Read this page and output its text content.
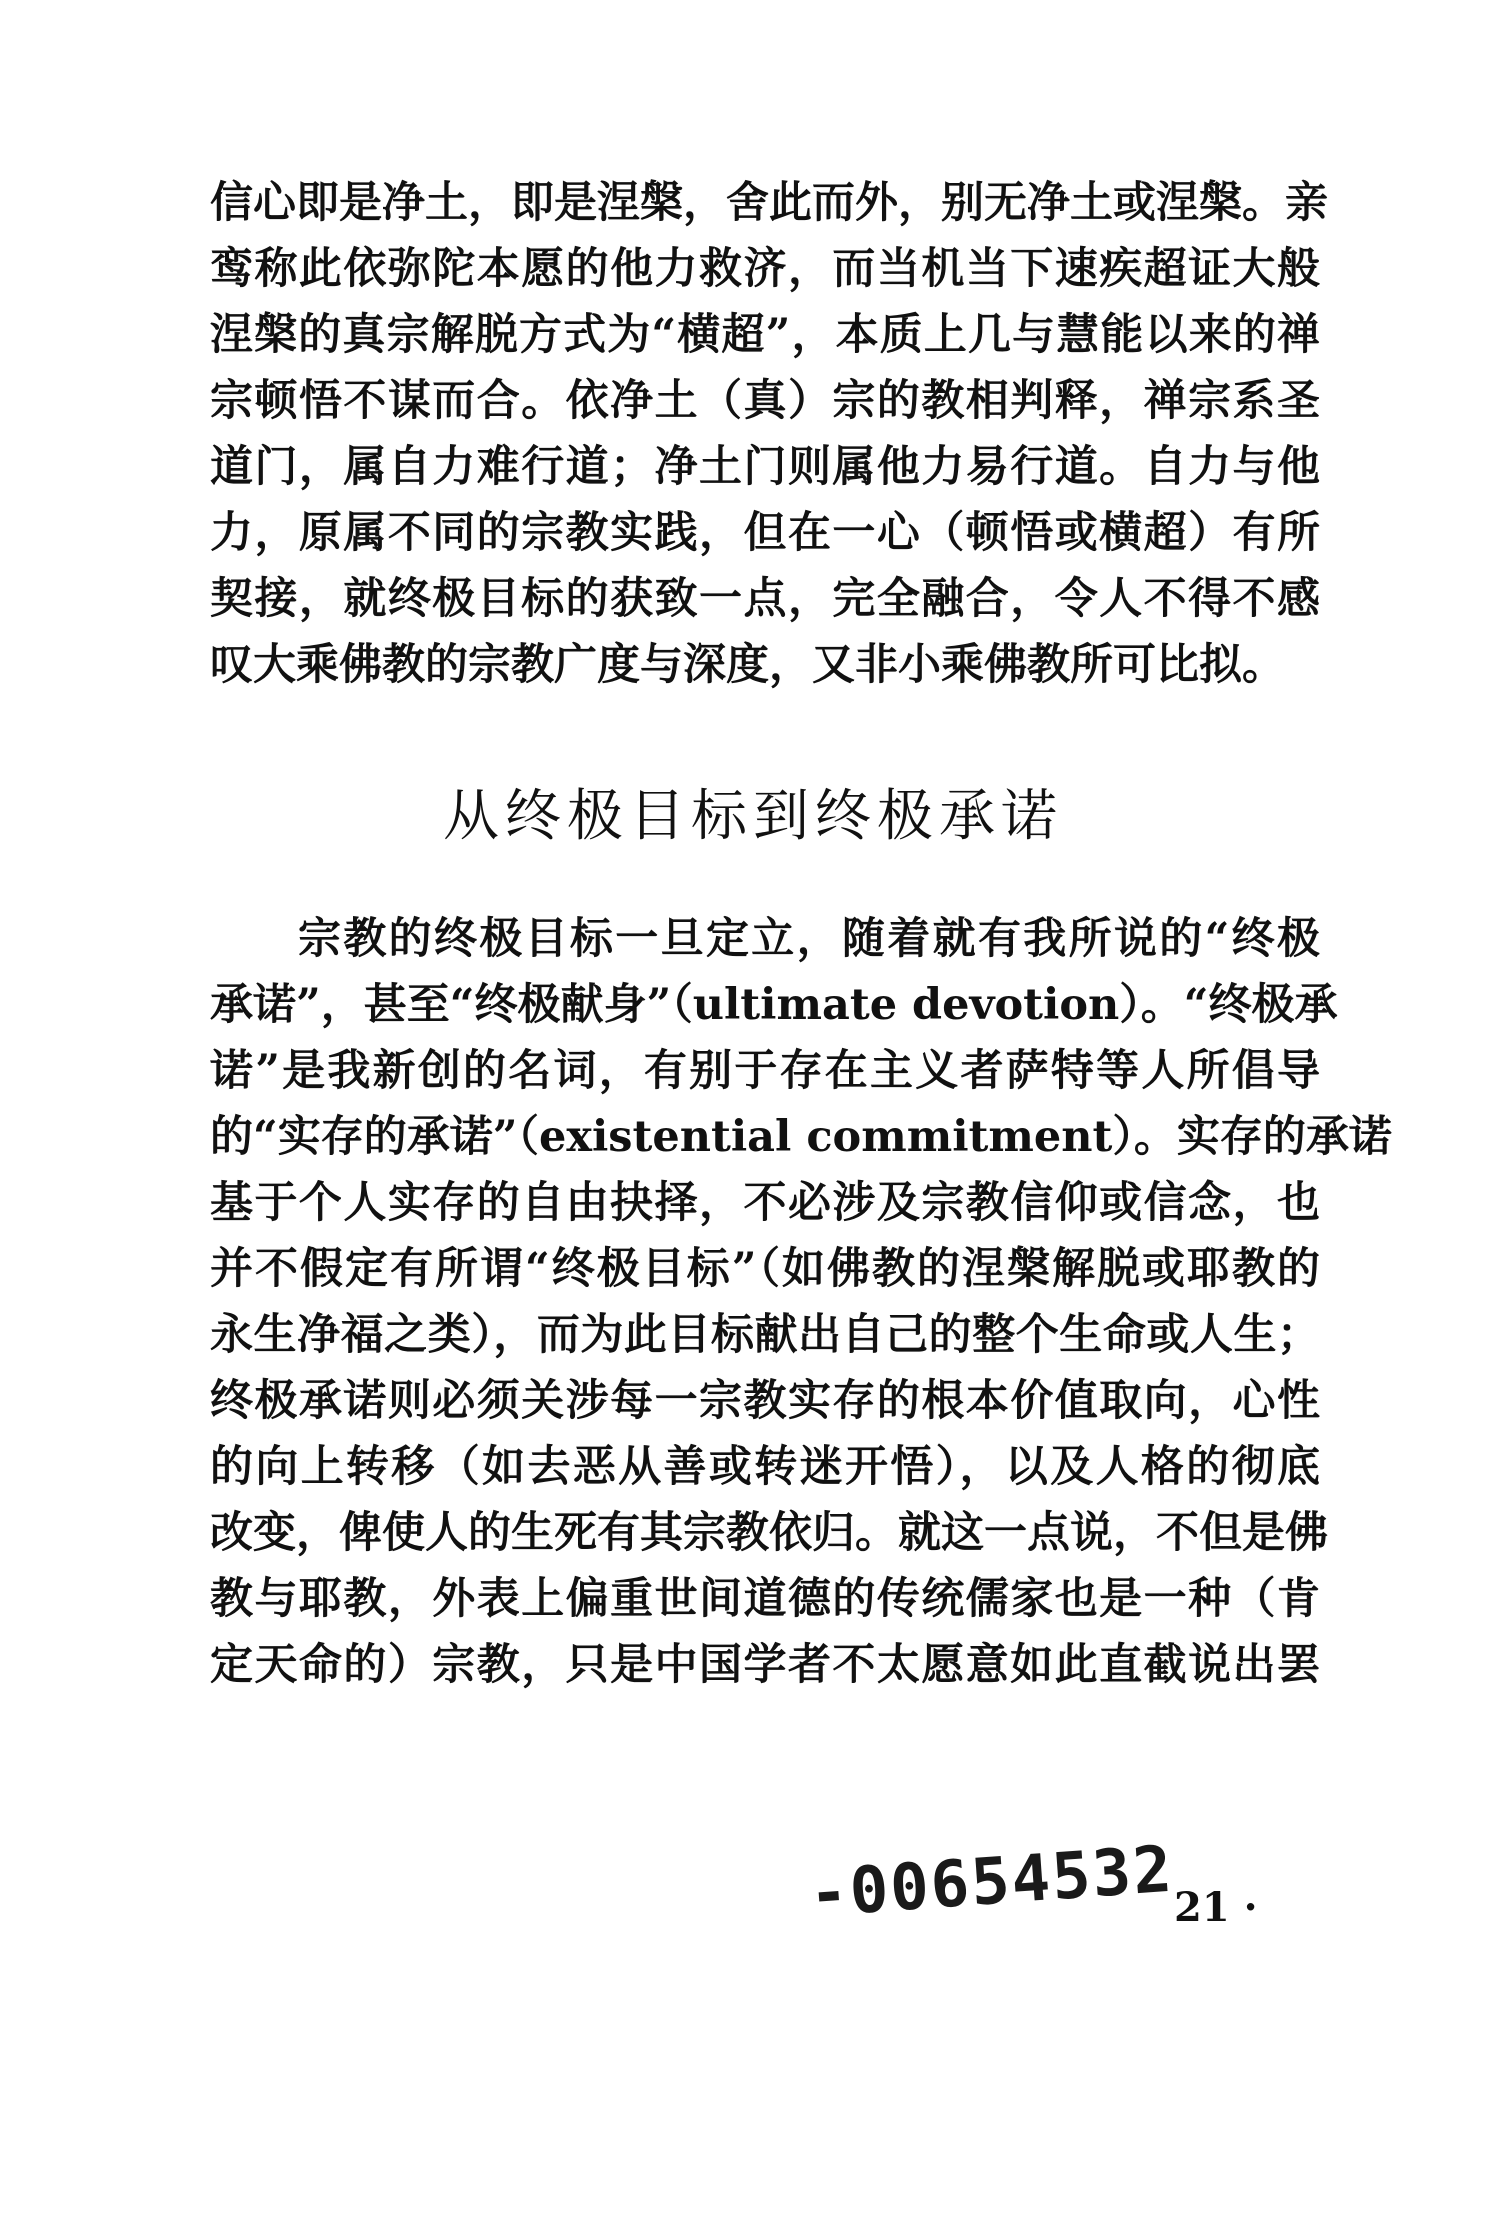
信心即是净土，即是涅槃，舍此而外，别无净土或涅槃。亲
鸾称此依弥陀本愿的他力救济，而当机当下速疾超证大般
涅槃的真宗解脱方式为“横超”，本质上几与慧能以来的禅
宗顿悟不谋而合。依净土（真）宗的教相判释，禅宗系圣
道门，属自力难行道；净土门则属他力易行道。自力与他
力，原属不同的宗教实践，但在一心（顿悟或横超）有所
契接，就终极目标的获致一点，完全融合，令人不得不感
叹大乘佛教的宗教广度与深度，又非小乘佛教所可比拟。
从终极目标到终极承诺
宗教的终极目标一旦定立，随着就有我所说的“终极
承诺”，甚至“终极献身”（ultimate devotion）。“终极承
诺”是我新创的名词，有别于存在主义者萨特等人所倡导
的“实存的承诺”（existential commitment）。实存的承诺
基于个人实存的自由抉择，不必涉及宗教信仰或信念，也
并不假定有所谓“终极目标”（如佛教的涅槃解脱或耶教的
永生净福之类），而为此目标献出自己的整个生命或人生；
终极承诺则必须关涉每一宗教实存的根本价值取向，心性
的向上转移（如去恶从善或转迷开悟），以及人格的彻底
改变，俾使人的生死有其宗教依归。就这一点说，不但是佛
教与耶教，外表上偏重世间道德的传统儒家也是一种（肯
定天命的）宗教，只是中国学者不太愿意如此直截说出罢
-00654532
21 ·
